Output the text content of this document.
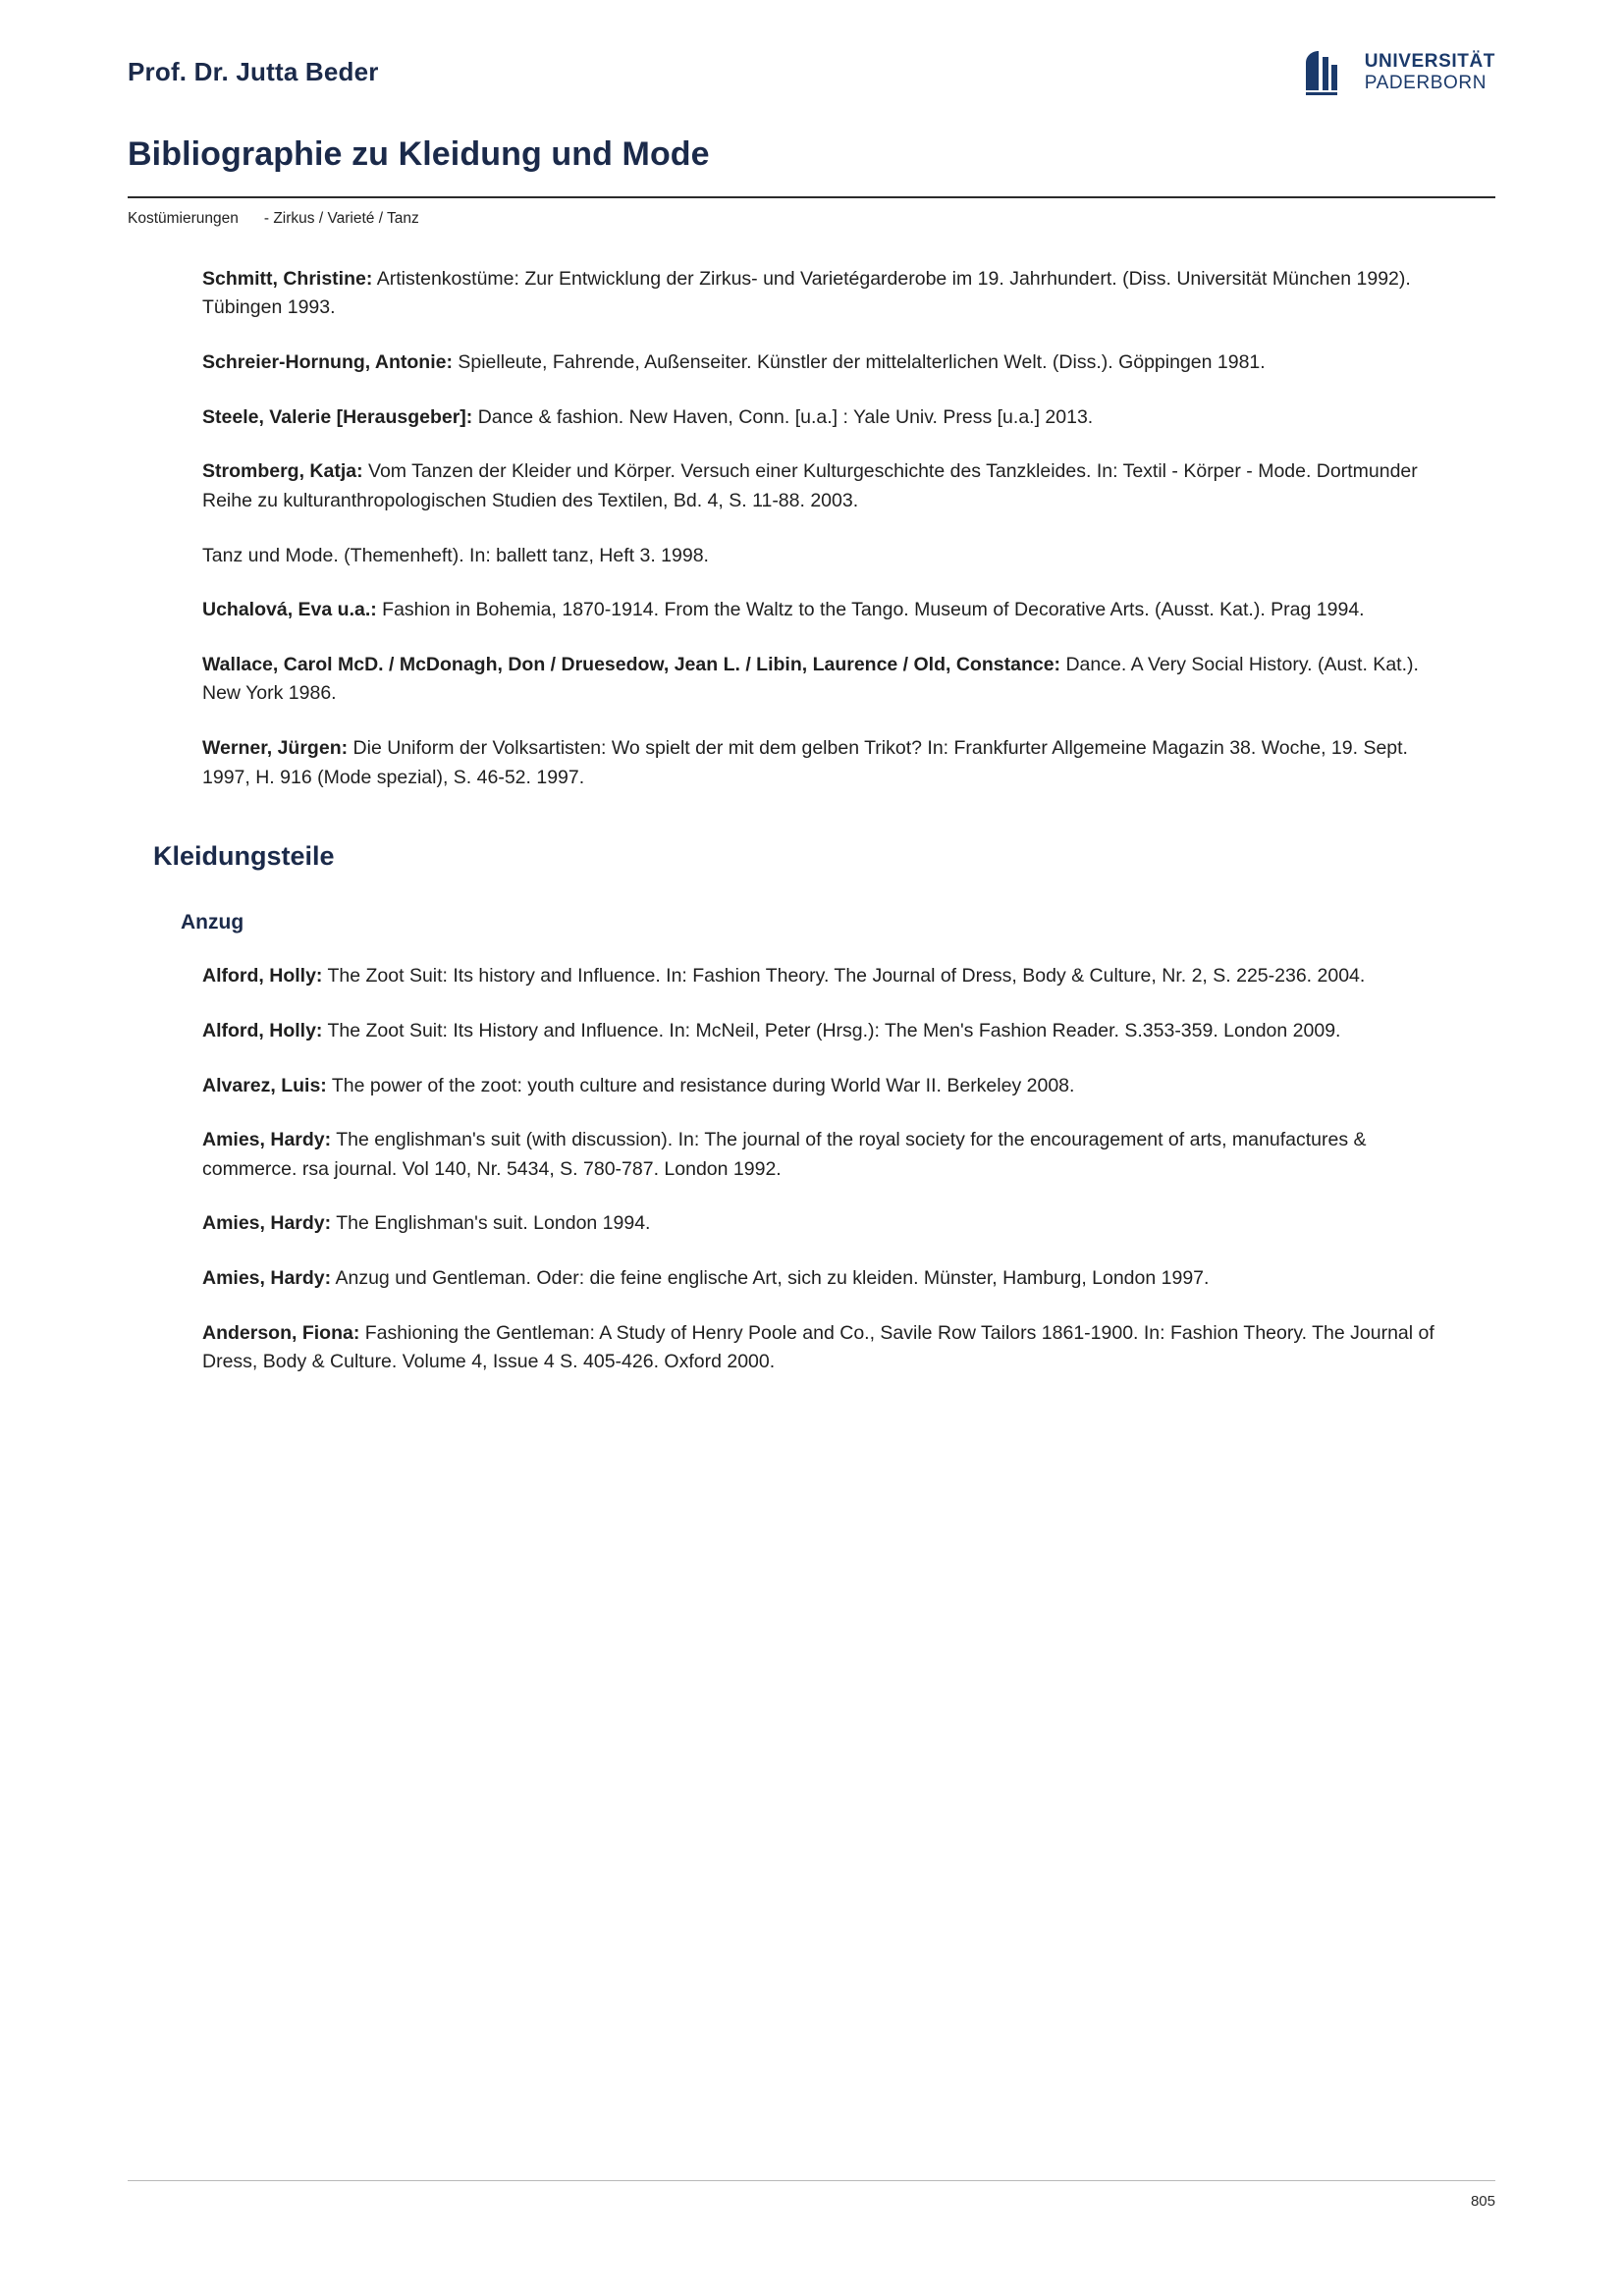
Prof. Dr. Jutta Beder	UNIVERSITÄT
PADERBORN
Bibliographie zu Kleidung und Mode
Kostümierungen - Zirkus / Varieté / Tanz

Schmitt, Christine: Artistenkostüme: Zur Entwicklung der Zirkus- und Varietégarderobe im 19. Jahrhundert. (Diss. Universität München 1992). Tübingen 1993.

Schreier-Hornung, Antonie: Spielleute, Fahrende, Außenseiter. Künstler der mittelalterlichen Welt. (Diss.). Göppingen 1981.

Steele, Valerie [Herausgeber]: Dance & fashion. New Haven, Conn. [u.a.] : Yale Univ. Press [u.a.] 2013.

Stromberg, Katja: Vom Tanzen der Kleider und Körper. Versuch einer Kulturgeschichte des Tanzkleides. In: Textil - Körper - Mode. Dortmunder Reihe zu kulturanthropologischen Studien des Textilen, Bd. 4, S. 11-88. 2003.

Tanz und Mode. (Themenheft). In: ballett tanz, Heft 3. 1998.

Uchalová, Eva u.a.: Fashion in Bohemia, 1870-1914. From the Waltz to the Tango. Museum of Decorative Arts. (Ausst. Kat.). Prag 1994.

Wallace, Carol McD. / McDonagh, Don / Druesedow, Jean L. / Libin, Laurence / Old, Constance: Dance. A Very Social History. (Aust. Kat.). New York 1986.

Werner, Jürgen: Die Uniform der Volksartisten: Wo spielt der mit dem gelben Trikot? In: Frankfurter Allgemeine Magazin 38. Woche, 19. Sept. 1997, H. 916 (Mode spezial), S. 46-52. 1997.

Kleidungsteile
Anzug

Alford, Holly: The Zoot Suit: Its history and Influence. In: Fashion Theory. The Journal of Dress, Body & Culture, Nr. 2, S. 225-236. 2004.

Alford, Holly: The Zoot Suit: Its History and Influence. In: McNeil, Peter (Hrsg.): The Men's Fashion Reader. S.353-359. London 2009.

Alvarez, Luis: The power of the zoot: youth culture and resistance during World War II. Berkeley 2008.

Amies, Hardy: The englishman's suit (with discussion). In: The journal of the royal society for the encouragement of arts, manufactures & commerce. rsa journal. Vol 140, Nr. 5434, S. 780-787. London 1992.

Amies, Hardy: The Englishman's suit. London 1994.

Amies, Hardy: Anzug und Gentleman. Oder: die feine englische Art, sich zu kleiden. Münster, Hamburg, London 1997.

Anderson, Fiona: Fashioning the Gentleman: A Study of Henry Poole and Co., Savile Row Tailors 1861-1900. In: Fashion Theory. The Journal of Dress, Body & Culture. Volume 4, Issue 4 S. 405-426. Oxford 2000.

805
